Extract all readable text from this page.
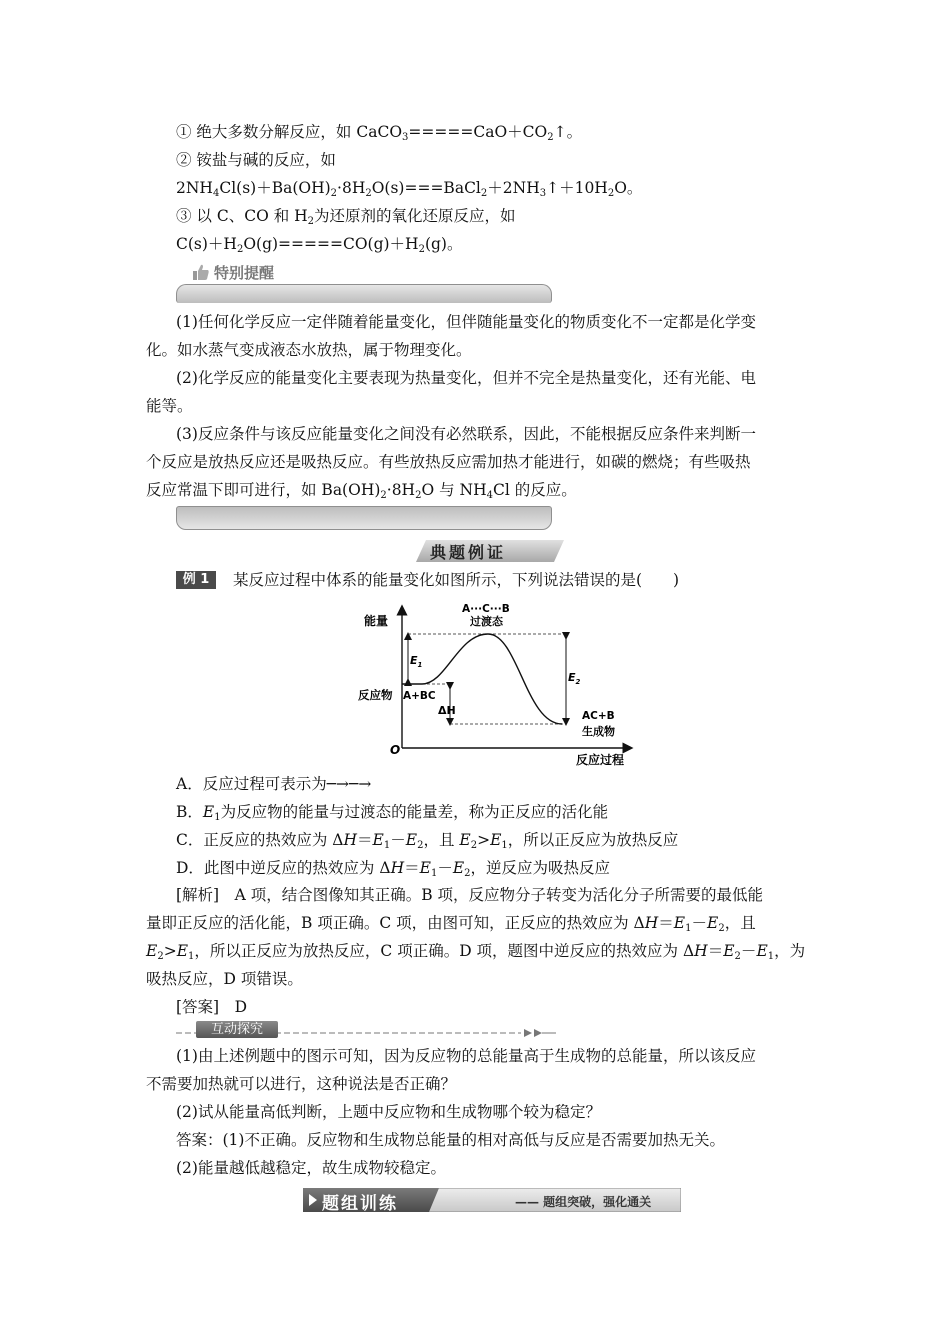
① 绝大多数分解反应，如 $CaCO_3=====CaO+CO_2↑$。
② 铵盐与碱的反应，如
$2NH_4Cl(s)+Ba(OH)_2\cdot 8H_2O(s)===BaCl_2+2NH_3↑+10H_2O$。
③ 以 C、CO 和 $H_2$为还原剂的氧化还原反应，如
$C(s)+H_2O(g)=====CO(g)+H_2(g)$。
特别提醒
(1)任何化学反应一定伴随着能量变化，但伴随能量变化的物质变化不一定都是化学变
化。如水蒸气变成液态水放热，属于物理变化。
(2)化学反应的能量变化主要表现为热量变化，但并不完全是热量变化，还有光能、电
能等。
(3)反应条件与该反应能量变化之间没有必然联系，因此，不能根据反应条件来判断一
个反应是放热反应还是吸热反应。有些放热反应需加热才能进行，如碳的燃烧；有些吸热
反应常温下即可进行，如 $Ba(OH)_2\cdot 8H_2O$ 与 $NH_4Cl$ 的反应。
典题例证
例 1	某反应过程中体系的能量变化如图所示，下列说法错误的是(　　)
能量
反应过程
O
A···C···B
过渡态
反应物 A+BC
AC+B
生成物
$E_1$
$E_2$
ΔH
A．反应过程可表示为─→─→
B．$E_1$为反应物的能量与过渡态的能量差，称为正反应的活化能
C．正反应的热效应为 $\Delta H=E_1-E_2$，且 $E_2>E_1$，所以正反应为放热反应
D．此图中逆反应的热效应为 $\Delta H=E_1-E_2$，逆反应为吸热反应
[解析]　A 项，结合图像知其正确。B 项，反应物分子转变为活化分子所需要的最低能
量即正反应的活化能，B 项正确。C 项，由图可知，正反应的热效应为 $\Delta H=E_1-E_2$，且
$E_2>E_1$，所以正反应为放热反应，C 项正确。D 项，题图中逆反应的热效应为 $\Delta H=E_2-E_1$，为
吸热反应，D 项错误。
[答案]　D
互动探究
(1)由上述例题中的图示可知，因为反应物的总能量高于生成物的总能量，所以该反应
不需要加热就可以进行，这种说法是否正确？
(2)试从能量高低判断，上题中反应物和生成物哪个较为稳定？
答案：(1)不正确。反应物和生成物总能量的相对高低与反应是否需要加热无关。
(2)能量越低越稳定，故生成物较稳定。
题组训练	—— 题组突破，强化通关
